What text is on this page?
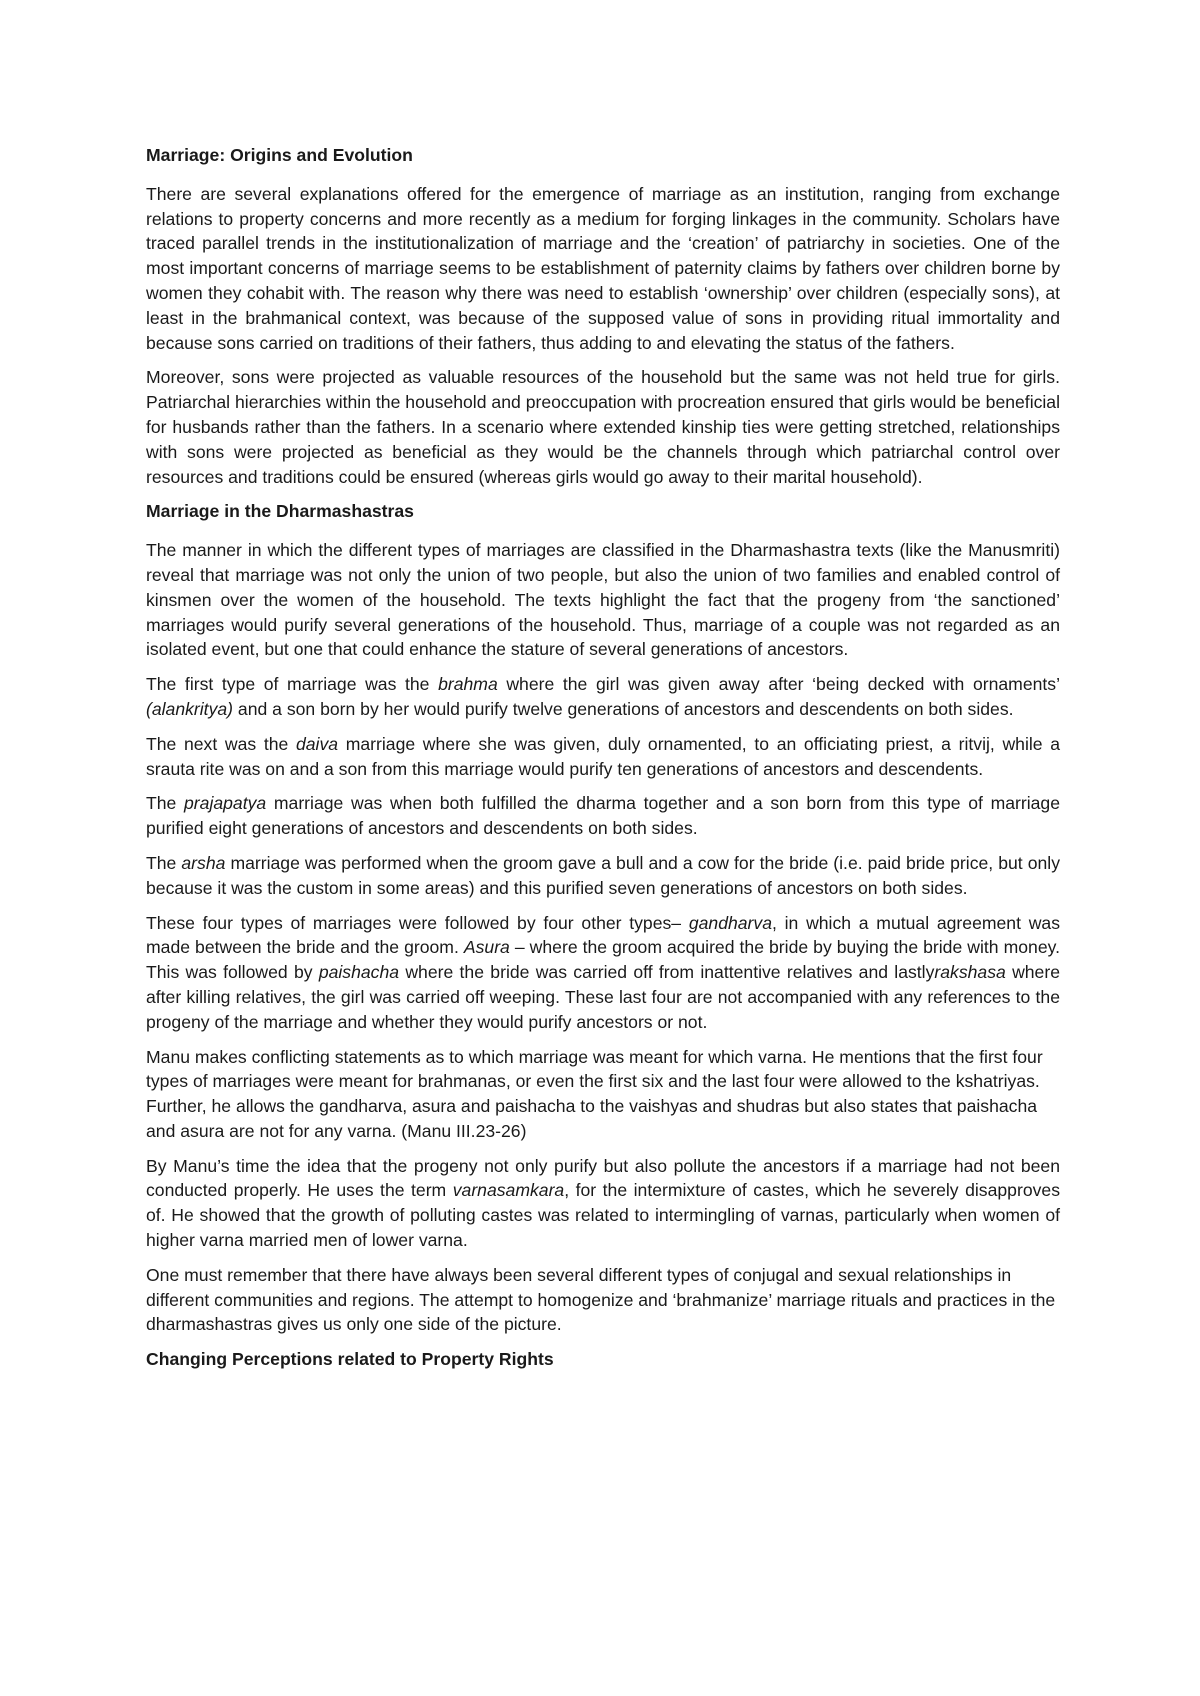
Marriage: Origins and Evolution

There are several explanations offered for the emergence of marriage as an institution, ranging from exchange relations to property concerns and more recently as a medium for forging linkages in the community. Scholars have traced parallel trends in the institutionalization of marriage and the ‘creation’ of patriarchy in societies. One of the most important concerns of marriage seems to be establishment of paternity claims by fathers over children borne by women they cohabit with. The reason why there was need to establish ‘ownership’ over children (especially sons), at least in the brahmanical context, was because of the supposed value of sons in providing ritual immortality and because sons carried on traditions of their fathers, thus adding to and elevating the status of the fathers.

Moreover, sons were projected as valuable resources of the household but the same was not held true for girls. Patriarchal hierarchies within the household and preoccupation with procreation ensured that girls would be beneficial for husbands rather than the fathers. In a scenario where extended kinship ties were getting stretched, relationships with sons were projected as beneficial as they would be the channels through which patriarchal control over resources and traditions could be ensured (whereas girls would go away to their marital household).

Marriage in the Dharmashastras

The manner in which the different types of marriages are classified in the Dharmashastra texts (like the Manusmriti) reveal that marriage was not only the union of two people, but also the union of two families and enabled control of kinsmen over the women of the household. The texts highlight the fact that the progeny from ‘the sanctioned’ marriages would purify several generations of the household. Thus, marriage of a couple was not regarded as an isolated event, but one that could enhance the stature of several generations of ancestors.

The first type of marriage was the brahma where the girl was given away after ‘being decked with ornaments’ (alankritya) and a son born by her would purify twelve generations of ancestors and descendents on both sides.

The next was the daiva marriage where she was given, duly ornamented, to an officiating priest, a ritvij, while a srauta rite was on and a son from this marriage would purify ten generations of ancestors and descendents.

The prajapatya marriage was when both fulfilled the dharma together and a son born from this type of marriage purified eight generations of ancestors and descendents on both sides.

The arsha marriage was performed when the groom gave a bull and a cow for the bride (i.e. paid bride price, but only because it was the custom in some areas) and this purified seven generations of ancestors on both sides.

These four types of marriages were followed by four other types– gandharva, in which a mutual agreement was made between the bride and the groom. Asura – where the groom acquired the bride by buying the bride with money. This was followed by paishacha where the bride was carried off from inattentive relatives and lastlyrakshasa where after killing relatives, the girl was carried off weeping. These last four are not accompanied with any references to the progeny of the marriage and whether they would purify ancestors or not.

Manu makes conflicting statements as to which marriage was meant for which varna. He mentions that the first four types of marriages were meant for brahmanas, or even the first six and the last four were allowed to the kshatriyas. Further, he allows the gandharva, asura and paishacha to the vaishyas and shudras but also states that paishacha and asura are not for any varna. (Manu III.23-26)

By Manu’s time the idea that the progeny not only purify but also pollute the ancestors if a marriage had not been conducted properly. He uses the term varnasamkara, for the intermixture of castes, which he severely disapproves of. He showed that the growth of polluting castes was related to intermingling of varnas, particularly when women of higher varna married men of lower varna.

One must remember that there have always been several different types of conjugal and sexual relationships in different communities and regions. The attempt to homogenize and ‘brahmanize’ marriage rituals and practices in the dharmashastras gives us only one side of the picture.

Changing Perceptions related to Property Rights
